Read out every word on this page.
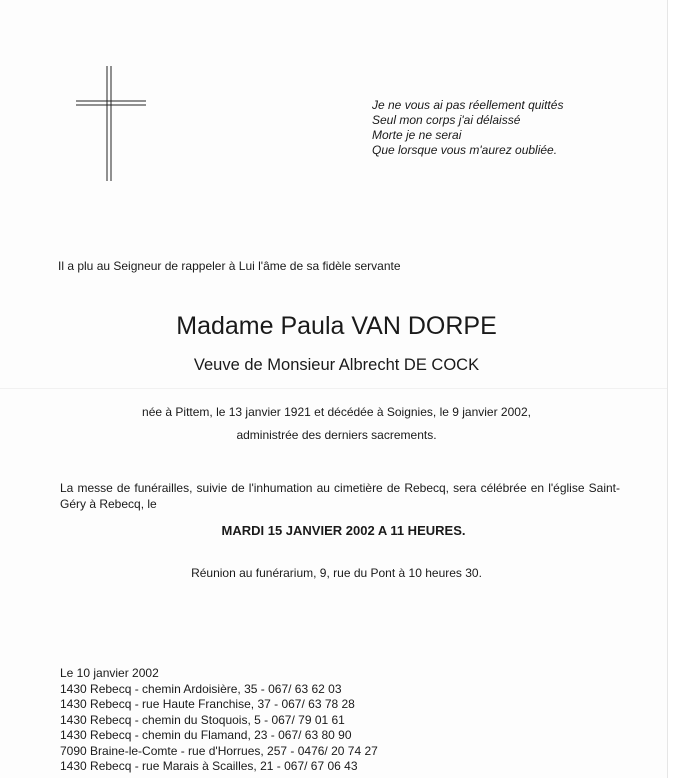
Je ne vous ai pas réellement quittés
Seul mon corps j'ai délaissé
Morte je ne serai
Que lorsque vous m'aurez oubliée.
Il a plu au Seigneur de rappeler à Lui l'âme de sa fidèle servante
Madame Paula VAN DORPE
Veuve de Monsieur Albrecht DE COCK
née à Pittem, le 13 janvier 1921 et décédée à Soignies, le 9 janvier 2002,
administrée des derniers sacrements.
La messe de funérailles, suivie de l'inhumation au cimetière de Rebecq, sera célébrée en l'église Saint-Géry à Rebecq, le
MARDI 15 JANVIER 2002 A 11 HEURES.
Réunion au funérarium, 9, rue du Pont à 10 heures 30.
Le 10 janvier 2002
1430 Rebecq - chemin Ardoisière, 35 - 067/ 63 62 03
1430 Rebecq - rue Haute Franchise, 37 - 067/ 63 78 28
1430 Rebecq - chemin du Stoquois, 5 - 067/ 79 01 61
1430 Rebecq - chemin du Flamand, 23 - 067/ 63 80 90
7090 Braine-le-Comte - rue d'Horrues, 257 - 0476/ 20 74 27
1430 Rebecq - rue Marais à Scailles, 21 - 067/ 67 06 43
